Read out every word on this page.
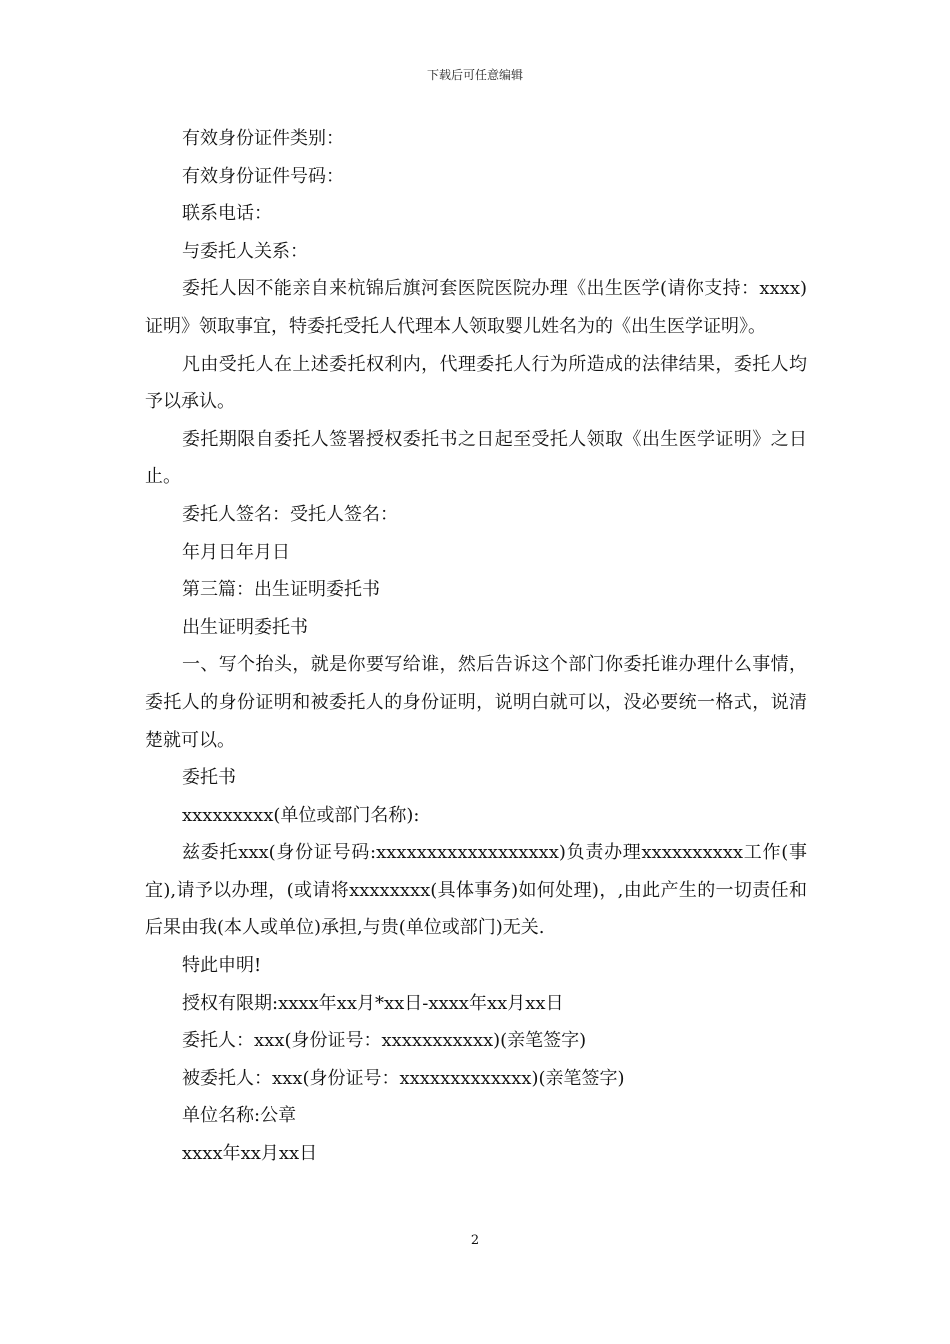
下载后可任意编辑

有效身份证件类别：

有效身份证件号码：

联系电话：

与委托人关系：

委托人因不能亲自来杭锦后旗河套医院医院办理《出生医学(请你支持：xxxx)证明》领取事宜，特委托受托人代理本人领取婴儿姓名为的《出生医学证明》。

凡由受托人在上述委托权利内，代理委托人行为所造成的法律结果，委托人均予以承认。

委托期限自委托人签署授权委托书之日起至受托人领取《出生医学证明》之日止。

委托人签名：受托人签名：

年月日年月日

第三篇：出生证明委托书

出生证明委托书

一、写个抬头，就是你要写给谁，然后告诉这个部门你委托谁办理什么事情，委托人的身份证明和被委托人的身份证明，说明白就可以，没必要统一格式，说清楚就可以。

委托书

xxxxxxxxx(单位或部门名称):

兹委托xxx(身份证号码:xxxxxxxxxxxxxxxxxx)负责办理xxxxxxxxxx工作(事宜),请予以办理，(或请将xxxxxxxx(具体事务)如何处理)，,由此产生的一切责任和后果由我(本人或单位)承担,与贵(单位或部门)无关.

特此申明!

授权有限期:xxxx年xx月*xx日-xxxx年xx月xx日

委托人：xxx(身份证号：xxxxxxxxxxx)(亲笔签字)

被委托人：xxx(身份证号：xxxxxxxxxxxxx)(亲笔签字)

单位名称:公章

xxxx年xx月xx日

2
